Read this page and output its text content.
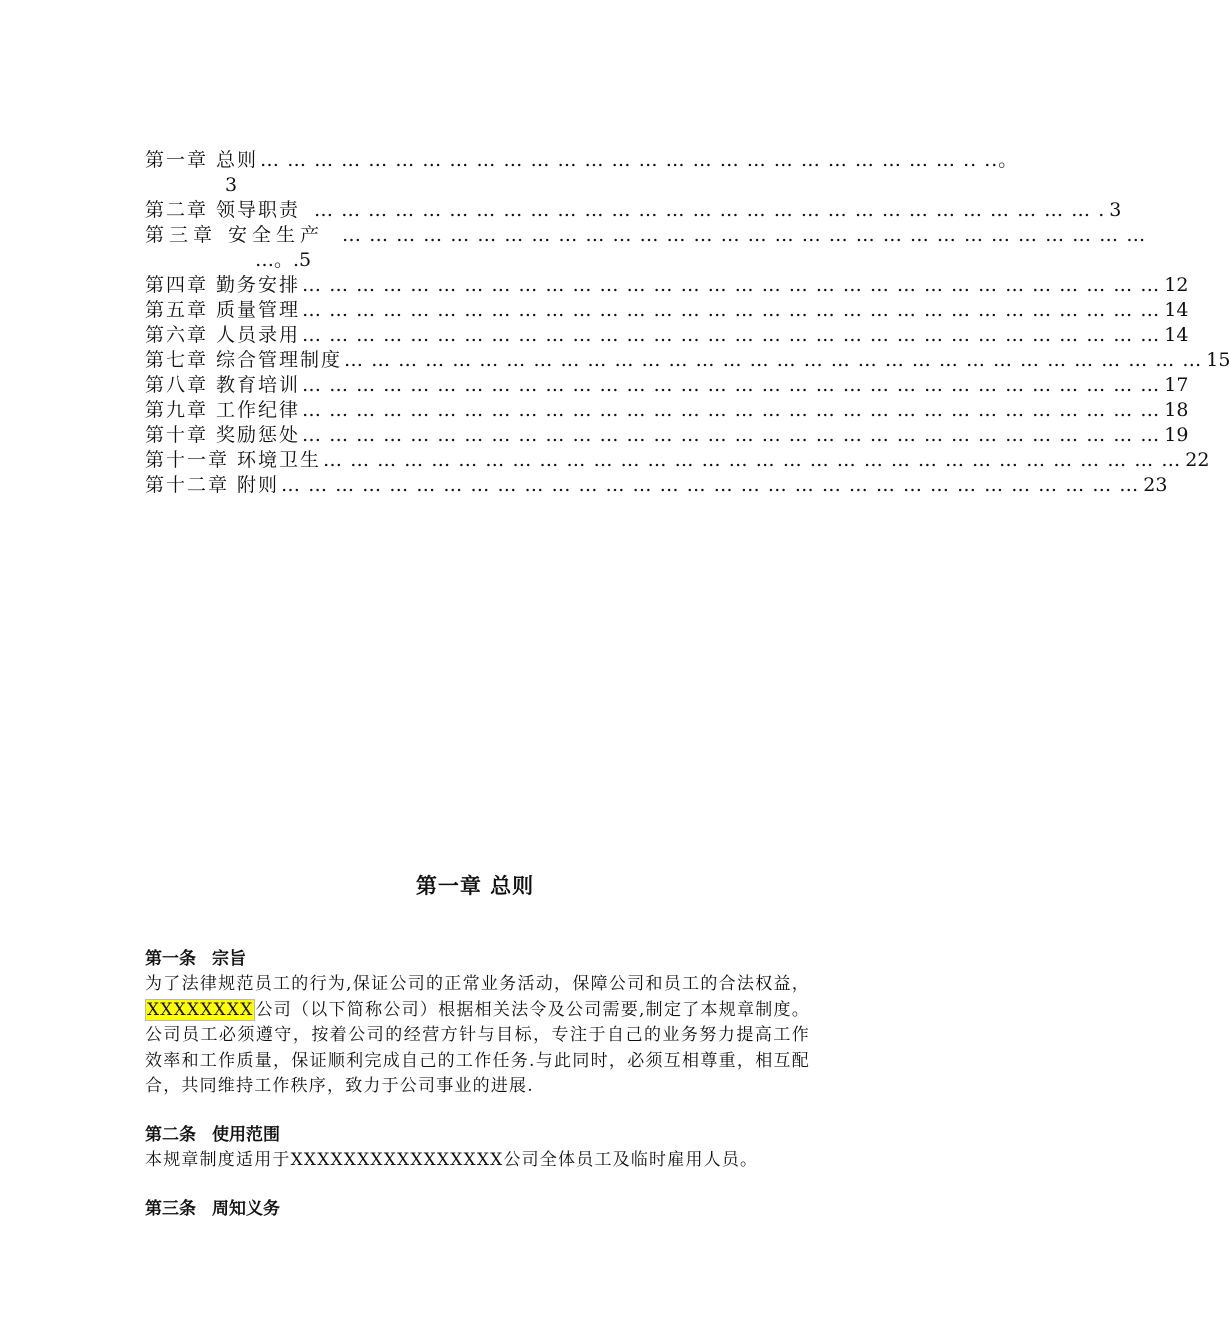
第一章 总则 … … … … … … … … … … … … … … … … … … … … … … … … … … .. ..。
3
第二章 领导职责 … … … … … … … … … … … … … … … … … … … … … … … … … … … … … . 3
第三章 安全生产 … … … … … … … … … … … … … … … … … … … … … … … … … … … … … …
…。.5
第四章 勤务安排 … … … … … … … … … … … … … … … … … … … … … … … … … … … … … … … … 12
第五章 质量管理 … … … … … … … … … … … … … … … … … … … … … … … … … … … … … … … … 14
第六章 人员录用 … … … … … … … … … … … … … … … … … … … … … … … … … … … … … … … … 14
第七章 综合管理制度 … … … … … … … … … … … … … … … … … … … … … … … … … … … … … … … … 15
第八章 教育培训 … … … … … … … … … … … … … … … … … … … … … … … … … … … … … … … … 17
第九章 工作纪律 … … … … … … … … … … … … … … … … … … … … … … … … … … … … … … … … 18
第十章 奖励惩处 … … … … … … … … … … … … … … … … … … … … … … … … … … … … … … … … 19
第十一章 环境卫生 … … … … … … … … … … … … … … … … … … … … … … … … … … … … … … … … 22
第十二章 附则 … … … … … … … … … … … … … … … … … … … … … … … … … … … … … … … … 23
第一章 总则
第一条 宗旨
为了法律规范员工的行为,保证公司的正常业务活动，保障公司和员工的合法权益，XXXXXXXX 公司（以下简称公司）根据相关法令及公司需要,制定了本规章制度。公司员工必须遵守，按着公司的经营方针与目标，专注于自己的业务努力提高工作效率和工作质量，保证顺利完成自己的工作任务.与此同时，必须互相尊重，相互配合，共同维持工作秩序，致力于公司事业的进展.
第二条 使用范围
本规章制度适用于XXXXXXXXXXXXXXXX公司全体员工及临时雇用人员。
第三条 周知义务
